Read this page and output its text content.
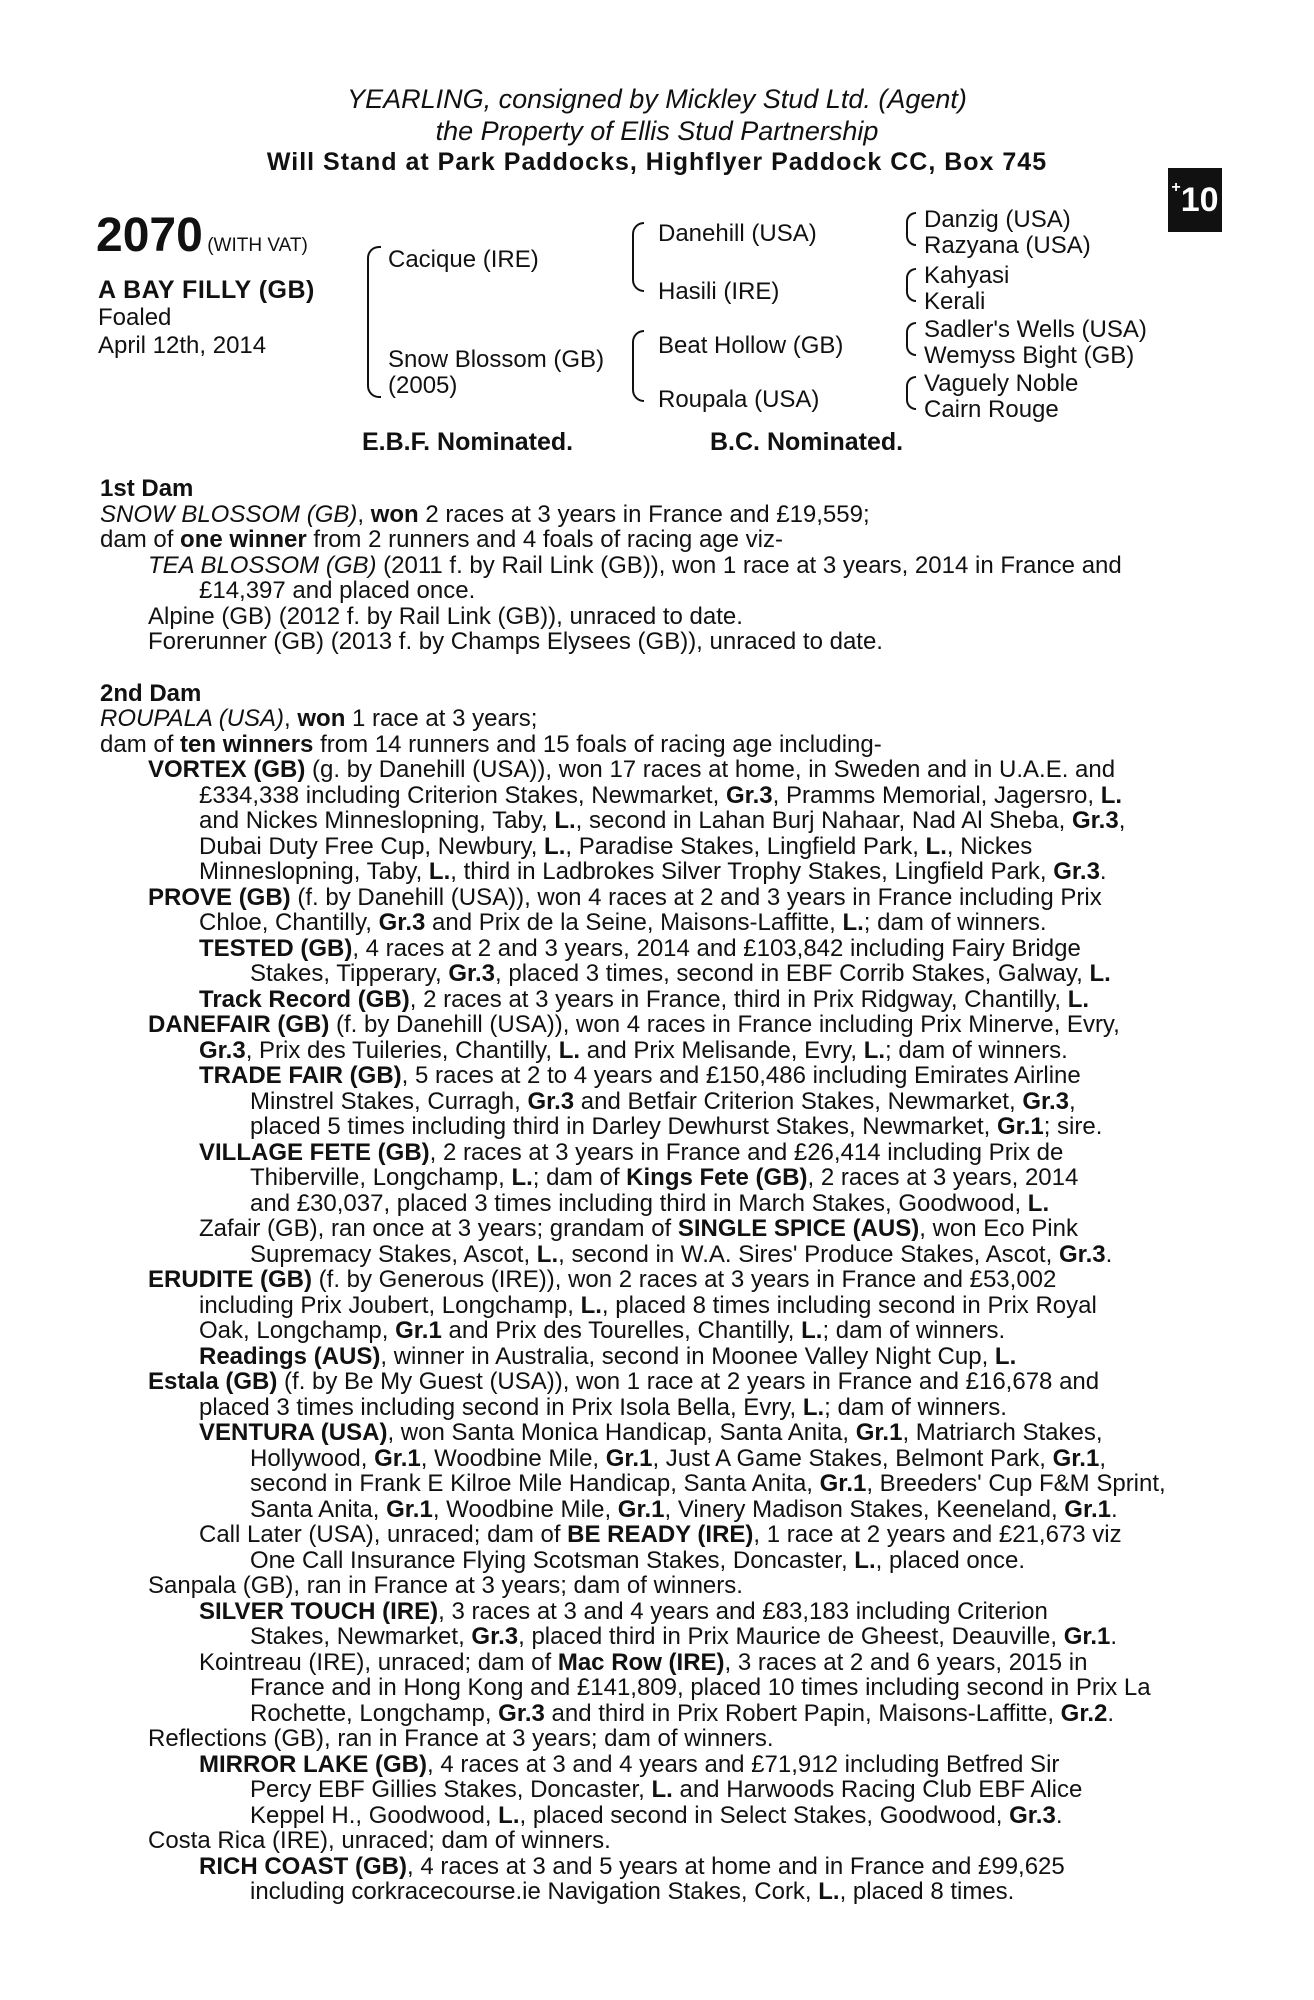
YEARLING, consigned by Mickley Stud Ltd. (Agent)
the Property of Ellis Stud Partnership
Will Stand at Park Paddocks, Highflyer Paddock CC, Box 745
+ 10
2070 (WITH VAT)
A BAY FILLY (GB)
Foaled
April 12th, 2014
Cacique (IRE)
Snow Blossom (GB)
(2005)
Danehill (USA)
Hasili (IRE)
Beat Hollow (GB)
Roupala (USA)
Danzig (USA)
Razyana (USA)
Kahyasi
Kerali
Sadler's Wells (USA)
Wemyss Bight (GB)
Vaguely Noble
Cairn Rouge
E.B.F. Nominated.	B.C. Nominated.
1st Dam
SNOW BLOSSOM (GB), won 2 races at 3 years in France and £19,559;
dam of one winner from 2 runners and 4 foals of racing age viz-
TEA BLOSSOM (GB) (2011 f. by Rail Link (GB)), won 1 race at 3 years, 2014 in France and
£14,397 and placed once.
Alpine (GB) (2012 f. by Rail Link (GB)), unraced to date.
Forerunner (GB) (2013 f. by Champs Elysees (GB)), unraced to date.
2nd Dam
ROUPALA (USA), won 1 race at 3 years;
dam of ten winners from 14 runners and 15 foals of racing age including-
VORTEX (GB) (g. by Danehill (USA)), won 17 races at home, in Sweden and in U.A.E. and
£334,338 including Criterion Stakes, Newmarket, Gr.3, Pramms Memorial, Jagersro, L.
and Nickes Minneslopning, Taby, L., second in Lahan Burj Nahaar, Nad Al Sheba, Gr.3,
Dubai Duty Free Cup, Newbury, L., Paradise Stakes, Lingfield Park, L., Nickes
Minneslopning, Taby, L., third in Ladbrokes Silver Trophy Stakes, Lingfield Park, Gr.3.
PROVE (GB) (f. by Danehill (USA)), won 4 races at 2 and 3 years in France including Prix
Chloe, Chantilly, Gr.3 and Prix de la Seine, Maisons-Laffitte, L.; dam of winners.
TESTED (GB), 4 races at 2 and 3 years, 2014 and £103,842 including Fairy Bridge
Stakes, Tipperary, Gr.3, placed 3 times, second in EBF Corrib Stakes, Galway, L.
Track Record (GB), 2 races at 3 years in France, third in Prix Ridgway, Chantilly, L.
DANEFAIR (GB) (f. by Danehill (USA)), won 4 races in France including Prix Minerve, Evry,
Gr.3, Prix des Tuileries, Chantilly, L. and Prix Melisande, Evry, L.; dam of winners.
TRADE FAIR (GB), 5 races at 2 to 4 years and £150,486 including Emirates Airline
Minstrel Stakes, Curragh, Gr.3 and Betfair Criterion Stakes, Newmarket, Gr.3,
placed 5 times including third in Darley Dewhurst Stakes, Newmarket, Gr.1; sire.
VILLAGE FETE (GB), 2 races at 3 years in France and £26,414 including Prix de
Thiberville, Longchamp, L.; dam of Kings Fete (GB), 2 races at 3 years, 2014
and £30,037, placed 3 times including third in March Stakes, Goodwood, L.
Zafair (GB), ran once at 3 years; grandam of SINGLE SPICE (AUS), won Eco Pink
Supremacy Stakes, Ascot, L., second in W.A. Sires' Produce Stakes, Ascot, Gr.3.
ERUDITE (GB) (f. by Generous (IRE)), won 2 races at 3 years in France and £53,002
including Prix Joubert, Longchamp, L., placed 8 times including second in Prix Royal
Oak, Longchamp, Gr.1 and Prix des Tourelles, Chantilly, L.; dam of winners.
Readings (AUS), winner in Australia, second in Moonee Valley Night Cup, L.
Estala (GB) (f. by Be My Guest (USA)), won 1 race at 2 years in France and £16,678 and
placed 3 times including second in Prix Isola Bella, Evry, L.; dam of winners.
VENTURA (USA), won Santa Monica Handicap, Santa Anita, Gr.1, Matriarch Stakes,
Hollywood, Gr.1, Woodbine Mile, Gr.1, Just A Game Stakes, Belmont Park, Gr.1,
second in Frank E Kilroe Mile Handicap, Santa Anita, Gr.1, Breeders' Cup F&M Sprint,
Santa Anita, Gr.1, Woodbine Mile, Gr.1, Vinery Madison Stakes, Keeneland, Gr.1.
Call Later (USA), unraced; dam of BE READY (IRE), 1 race at 2 years and £21,673 viz
One Call Insurance Flying Scotsman Stakes, Doncaster, L., placed once.
Sanpala (GB), ran in France at 3 years; dam of winners.
SILVER TOUCH (IRE), 3 races at 3 and 4 years and £83,183 including Criterion
Stakes, Newmarket, Gr.3, placed third in Prix Maurice de Gheest, Deauville, Gr.1.
Kointreau (IRE), unraced; dam of Mac Row (IRE), 3 races at 2 and 6 years, 2015 in
France and in Hong Kong and £141,809, placed 10 times including second in Prix La
Rochette, Longchamp, Gr.3 and third in Prix Robert Papin, Maisons-Laffitte, Gr.2.
Reflections (GB), ran in France at 3 years; dam of winners.
MIRROR LAKE (GB), 4 races at 3 and 4 years and £71,912 including Betfred Sir
Percy EBF Gillies Stakes, Doncaster, L. and Harwoods Racing Club EBF Alice
Keppel H., Goodwood, L., placed second in Select Stakes, Goodwood, Gr.3.
Costa Rica (IRE), unraced; dam of winners.
RICH COAST (GB), 4 races at 3 and 5 years at home and in France and £99,625
including corkracecourse.ie Navigation Stakes, Cork, L., placed 8 times.
